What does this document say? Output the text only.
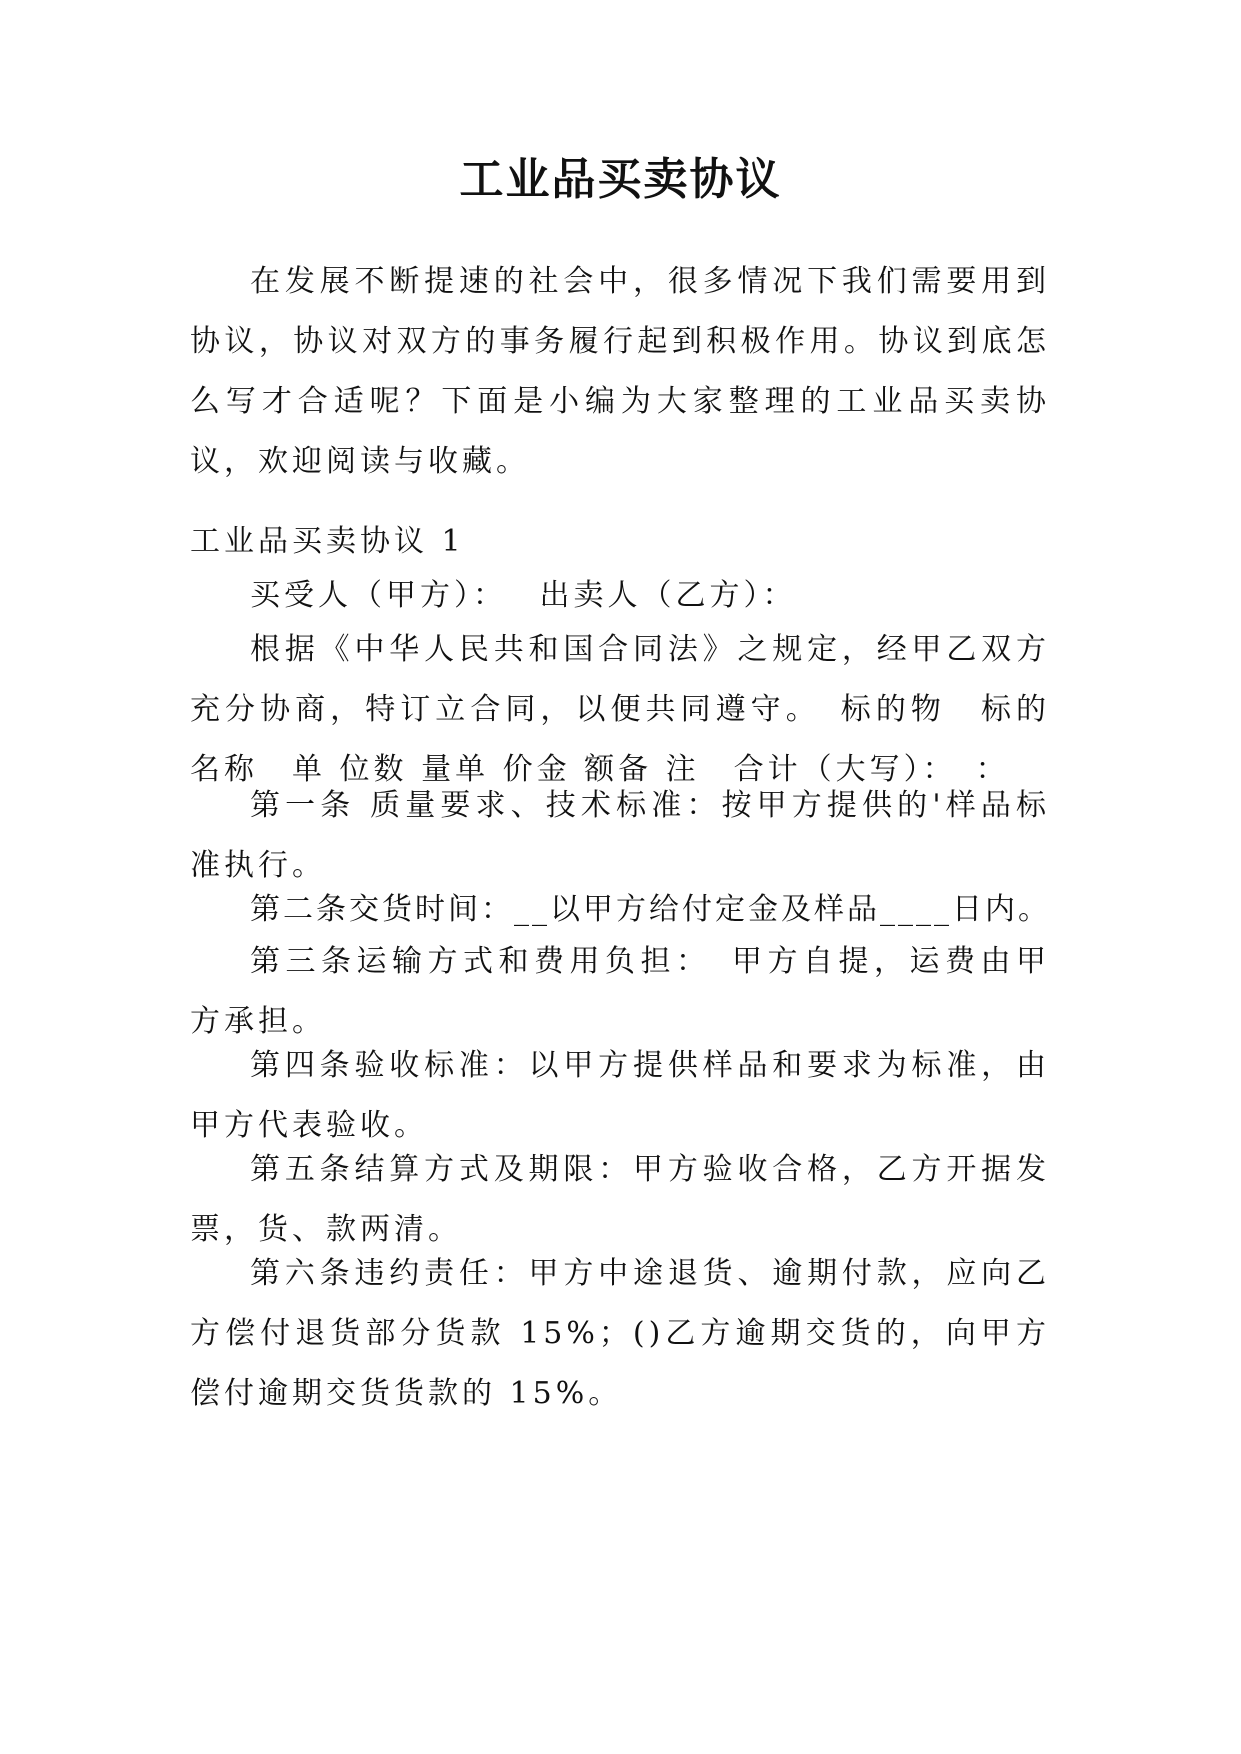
工业品买卖协议
在发展不断提速的社会中，很多情况下我们需要用到协议，协议对双方的事务履行起到积极作用。协议到底怎么写才合适呢？下面是小编为大家整理的工业品买卖协议，欢迎阅读与收藏。
工业品买卖协议 1
买受人（甲方）：　 出卖人（乙方）：
根据《中华人民共和国合同法》之规定，经甲乙双方充分协商，特订立合同，以便共同遵守。　标的物　标的名称　单 位数 量单 价金 额备 注　合计（大写）：　：
第一条 质量要求、技术标准：按甲方提供的'样品标准执行。
第二条交货时间：__以甲方给付定金及样品____日内。
第三条运输方式和费用负担：　甲方自提，运费由甲方承担。
第四条验收标准：以甲方提供样品和要求为标准，由甲方代表验收。
第五条结算方式及期限：甲方验收合格，乙方开据发票，货、款两清。
第六条违约责任：甲方中途退货、逾期付款，应向乙方偿付退货部分货款 15%；()乙方逾期交货的，向甲方偿付逾期交货货款的 15%。
